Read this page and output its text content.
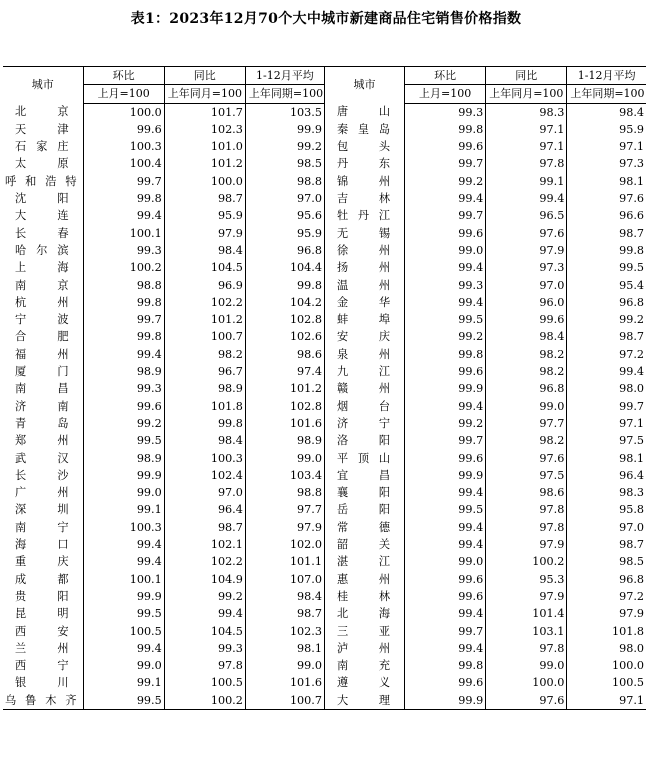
表1：2023年12月70个大中城市新建商品住宅销售价格指数
城市	环比	同比	1-12月平均	城市	环比	同比	1-12月平均
	上月=100	上年同月=100	上年同期=100		上月=100	上年同月=100	上年同期=100
北京	100.0	101.7	103.5	唐山	99.3	98.3	98.4
天津	99.6	102.3	99.9	秦皇岛	99.8	97.1	95.9
石家庄	100.3	101.0	99.2	包头	99.6	97.1	97.1
太原	100.4	101.2	98.5	丹东	99.7	97.8	97.3
呼和浩特	99.7	100.0	98.8	锦州	99.2	99.1	98.1
沈阳	99.8	98.7	97.0	吉林	99.4	99.4	97.6
大连	99.4	95.9	95.6	牡丹江	99.7	96.5	96.6
长春	100.1	97.9	95.9	无锡	99.6	97.6	98.7
哈尔滨	99.3	98.4	96.8	徐州	99.0	97.9	99.8
上海	100.2	104.5	104.4	扬州	99.4	97.3	99.5
南京	98.8	96.9	99.8	温州	99.3	97.0	95.4
杭州	99.8	102.2	104.2	金华	99.4	96.0	96.8
宁波	99.7	101.2	102.8	蚌埠	99.5	99.6	99.2
合肥	99.8	100.7	102.6	安庆	99.2	98.4	98.7
福州	99.4	98.2	98.6	泉州	99.8	98.2	97.2
厦门	98.9	96.7	97.4	九江	99.6	98.2	99.4
南昌	99.3	98.9	101.2	赣州	99.9	96.8	98.0
济南	99.6	101.8	102.8	烟台	99.4	99.0	99.7
青岛	99.2	99.8	101.6	济宁	99.2	97.7	97.1
郑州	99.5	98.4	98.9	洛阳	99.7	98.2	97.5
武汉	98.9	100.3	99.0	平顶山	99.6	97.6	98.1
长沙	99.9	102.4	103.4	宜昌	99.9	97.5	96.4
广州	99.0	97.0	98.8	襄阳	99.4	98.6	98.3
深圳	99.1	96.4	97.7	岳阳	99.5	97.8	95.8
南宁	100.3	98.7	97.9	常德	99.4	97.8	97.0
海口	99.4	102.1	102.0	韶关	99.4	97.9	98.7
重庆	99.4	102.2	101.1	湛江	99.0	100.2	98.5
成都	100.1	104.9	107.0	惠州	99.6	95.3	96.8
贵阳	99.9	99.2	98.4	桂林	99.6	97.9	97.2
昆明	99.5	99.4	98.7	北海	99.4	101.4	97.9
西安	100.5	104.5	102.3	三亚	99.7	103.1	101.8
兰州	99.4	99.3	98.1	泸州	99.4	97.8	98.0
西宁	99.0	97.8	99.0	南充	99.8	99.0	100.0
银川	99.1	100.5	101.6	遵义	99.6	100.0	100.5
乌鲁木齐	99.5	100.2	100.7	大理	99.9	97.6	97.1
